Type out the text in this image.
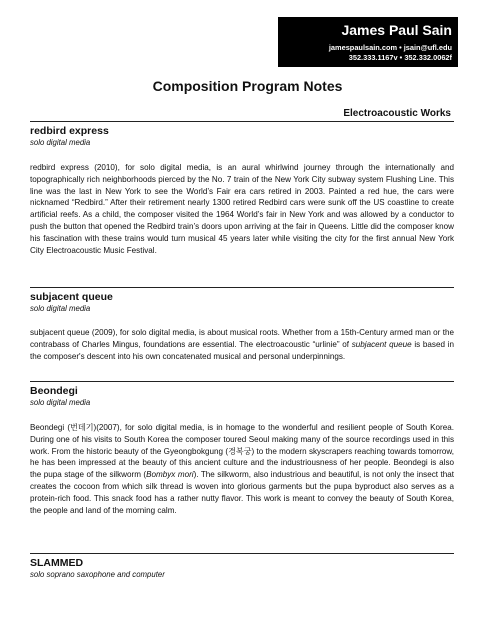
James Paul Sain
jamespaulsain.com • jsain@ufl.edu
352.333.1167v • 352.332.0062f
Composition Program Notes
Electroacoustic Works
redbird express
solo digital media
redbird express (2010), for solo digital media, is an aural whirlwind journey through the internationally and topographically rich neighborhoods pierced by the No. 7 train of the New York City subway system Flushing Line. This line was the last in New York to see the World’s Fair era cars retired in 2003. Painted a red hue, the cars were nicknamed “Redbird.” After their retirement nearly 1300 retired Redbird cars were sunk off the US coastline to create artificial reefs. As a child, the composer visited the 1964 World’s fair in New York and was allowed by a conductor to push the button that opened the Redbird train’s doors upon arriving at the fair in Queens. Little did the composer know his fascination with these trains would turn musical 45 years later while visiting the city for the first annual New York City Electroacoustic Music Festival.
subjacent queue
solo digital media
subjacent queue (2009), for solo digital media, is about musical roots. Whether from a 15th-Century armed man or the contrabass of Charles Mingus, foundations are essential. The electroacoustic “urlinie” of subjacent queue is based in the composer's descent into his own concatenated musical and personal underpinnings.
Beondegi
solo digital media
Beondegi (번데기)(2007), for solo digital media, is in homage to the wonderful and resilient people of South Korea. During one of his visits to South Korea the composer toured Seoul making many of the source recordings used in this work. From the historic beauty of the Gyeongbokgung (경복궁) to the modern skyscrapers reaching towards tomorrow, he has been impressed at the beauty of this ancient culture and the industriousness of her people. Beondegi is also the pupa stage of the silkworm (Bombyx mori). The silkworm, also industrious and beautiful, is not only the insect that creates the cocoon from which silk thread is woven into glorious garments but the pupa byproduct also serves as a protein-rich food. This snack food has a rather nutty flavor. This work is meant to convey the beauty of South Korea, the people and land of the morning calm.
SLAMMED
solo soprano saxophone and computer
